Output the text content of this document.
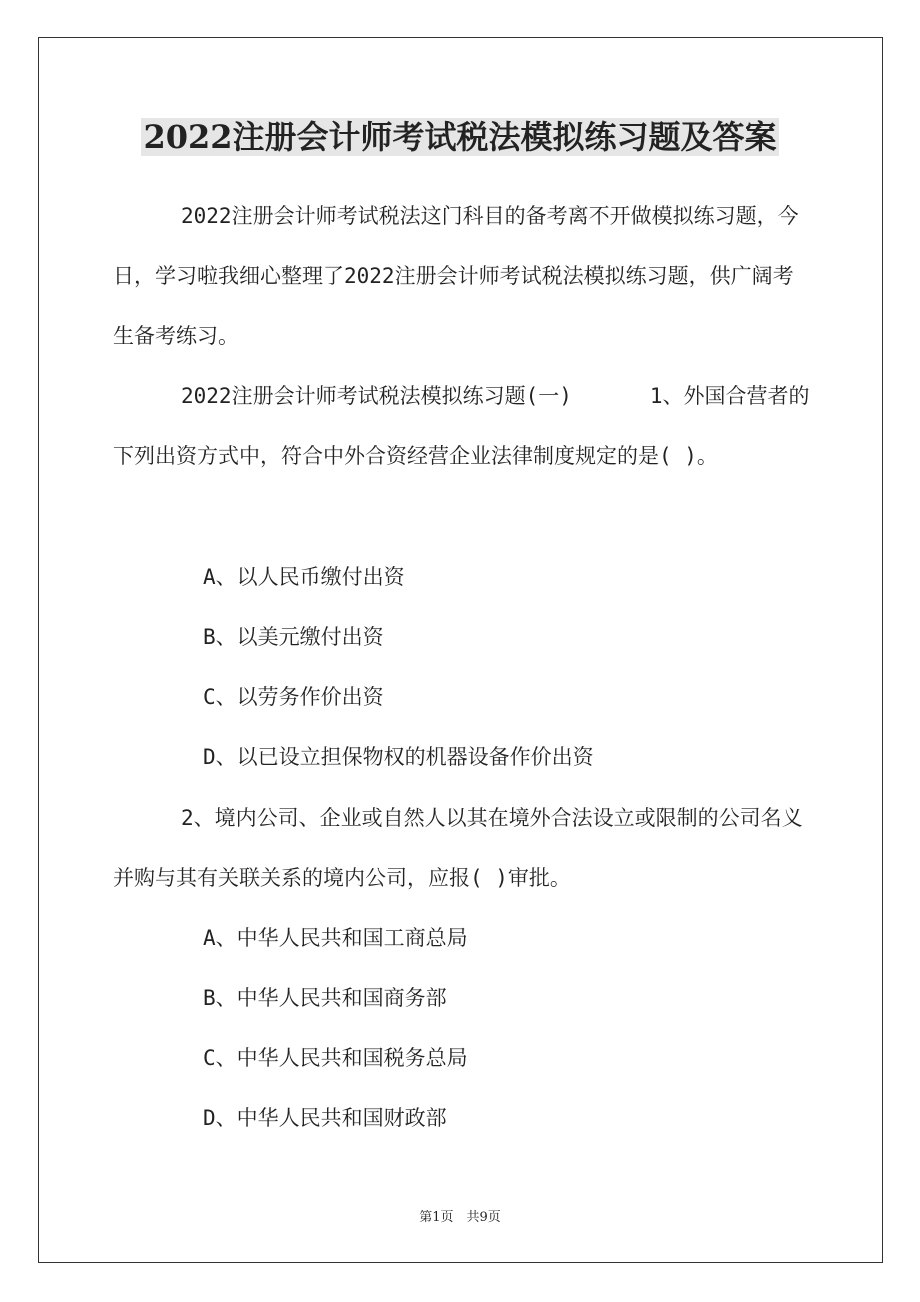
2022注册会计师考试税法模拟练习题及答案

2022注册会计师考试税法这门科目的备考离不开做模拟练习题，今日，学习啦我细心整理了2022注册会计师考试税法模拟练习题，供广阔考生备考练习。

2022注册会计师考试税法模拟练习题(一)	1、外国合营者的下列出资方式中，符合中外合资经营企业法律制度规定的是( )。

A、以人民币缴付出资
B、以美元缴付出资
C、以劳务作价出资
D、以已设立担保物权的机器设备作价出资

2、境内公司、企业或自然人以其在境外合法设立或限制的公司名义并购与其有关联关系的境内公司，应报( )审批。

A、中华人民共和国工商总局
B、中华人民共和国商务部
C、中华人民共和国税务总局
D、中华人民共和国财政部
第1页　共9页
